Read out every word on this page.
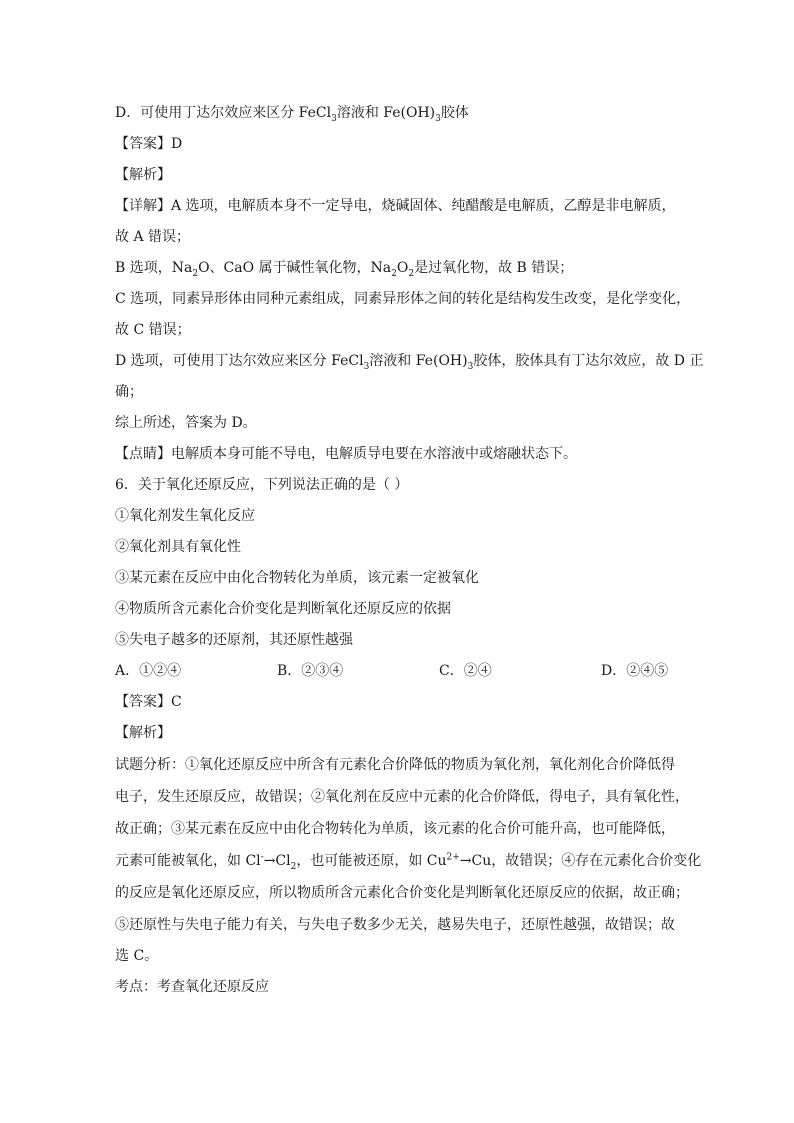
D．可使用丁达尔效应来区分 FeCl$_3$溶液和 $Fe(OH)_3$胶体
【答案】D
【解析】
【详解】A 选项，电解质本身不一定导电，烧碱固体、纯醋酸是电解质，乙醇是非电解质，
故 A 错误；
B 选项，$Na_2O$、CaO 属于碱性氧化物，$Na_2O_2$是过氧化物，故 B 错误；
C 选项，同素异形体由同种元素组成，同素异形体之间的转化是结构发生改变，是化学变化，
故 C 错误；
D 选项，可使用丁达尔效应来区分 FeCl$_3$溶液和 $Fe(OH)_3$胶体，胶体具有丁达尔效应，故 D 正
确；
综上所述，答案为 D。
【点睛】电解质本身可能不导电，电解质导电要在水溶液中或熔融状态下。
6．关于氧化还原反应，下列说法正确的是（ ）
①氧化剂发生氧化反应
②氧化剂具有氧化性
③某元素在反应中由化合物转化为单质，该元素一定被氧化
④物质所含元素化合价变化是判断氧化还原反应的依据
⑤失电子越多的还原剂，其还原性越强
A．①②④	B．②③④	C．②④	D．②④⑤
【答案】C
【解析】
试题分析：①氧化还原反应中所含有元素化合价降低的物质为氧化剂，氧化剂化合价降低得
电子，发生还原反应，故错误；②氧化剂在反应中元素的化合价降低，得电子，具有氧化性，
故正确；③某元素在反应中由化合物转化为单质，该元素的化合价可能升高，也可能降低，
元素可能被氧化，如 $Cl^-\to Cl_2$，也可能被还原，如 $Cu^{2+}\to Cu$，故错误；④存在元素化合价变化
的反应是氧化还原反应，所以物质所含元素化合价变化是判断氧化还原反应的依据，故正确；
⑤还原性与失电子能力有关，与失电子数多少无关，越易失电子，还原性越强，故错误；故
选 C。
考点：考查氧化还原反应
